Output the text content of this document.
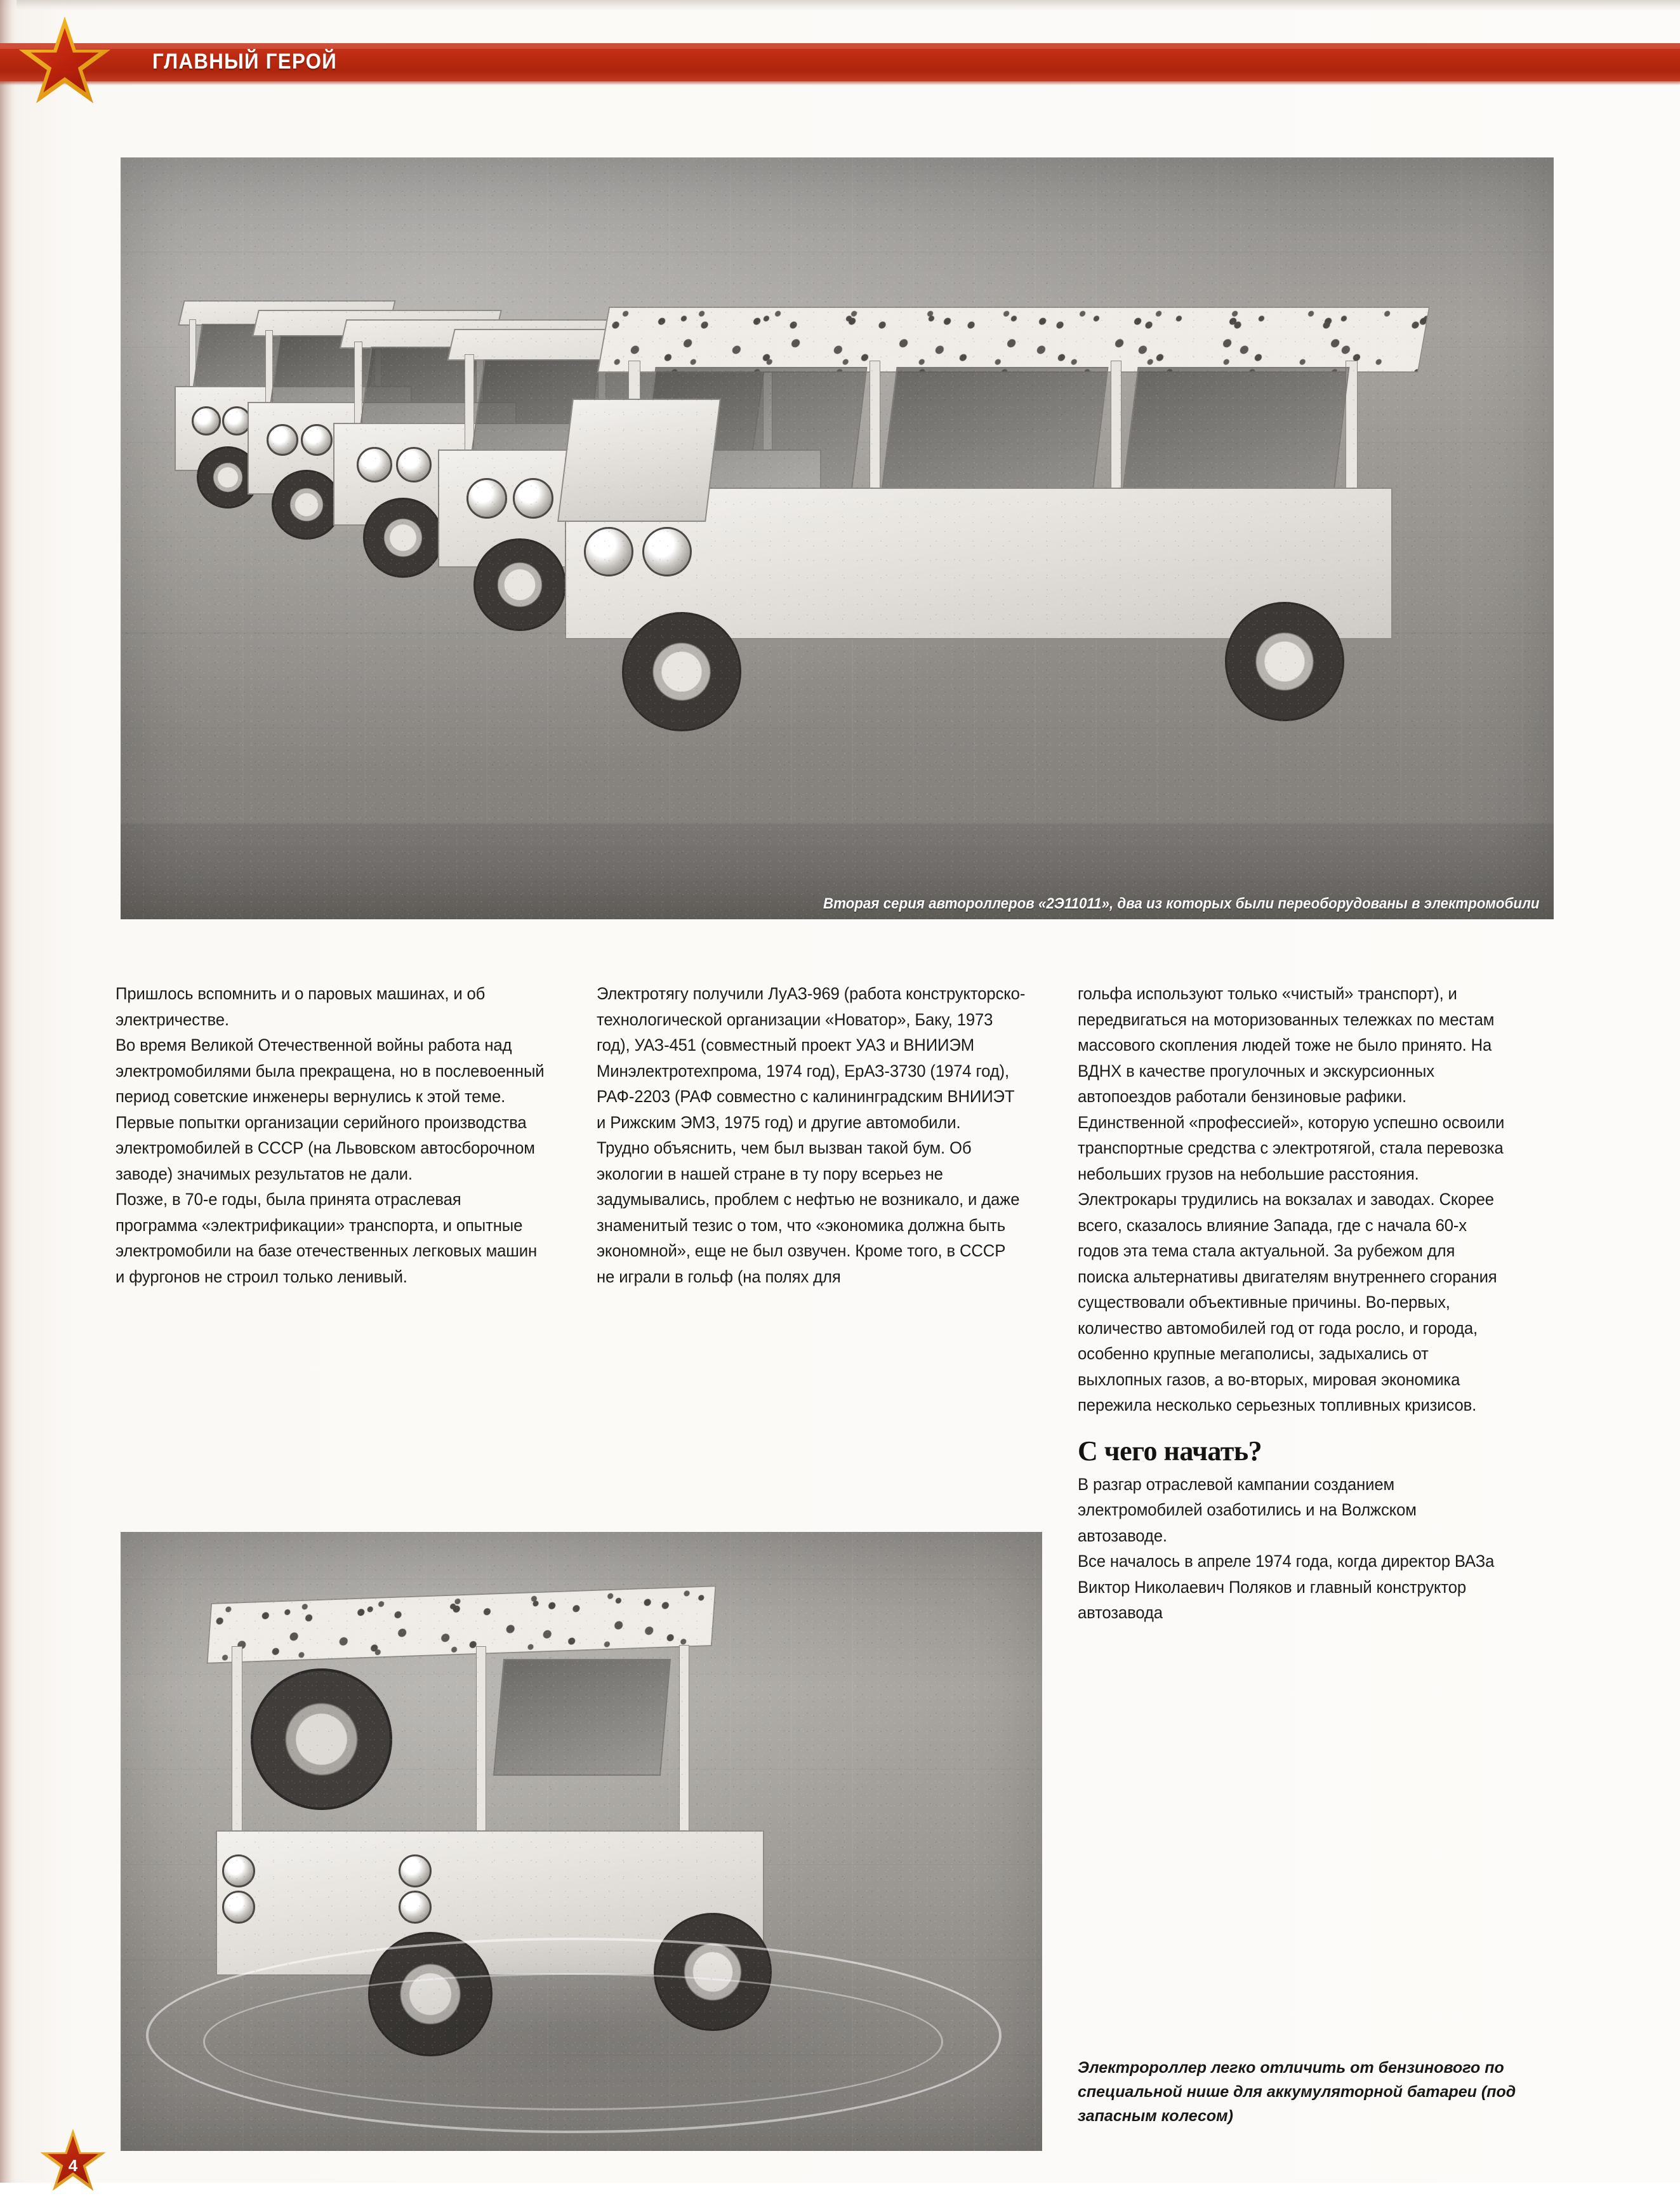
ГЛАВНЫЙ ГЕРОЙ
Вторая серия автороллеров «2Э11011», два из которых были переоборудованы в электромобили

Пришлось вспомнить и о паровых машинах, и об электричестве.

Во время Великой Отечественной войны работа над электромобилями была прекращена, но в послевоенный период советские инженеры вернулись к этой теме. Первые попытки организации серийного производства электромобилей в СССР (на Львовском автосборочном заводе) значимых результатов не дали.

Позже, в 70-е годы, была принята отраслевая программа «электрификации» транспорта, и опытные электромобили на базе отечественных легковых машин и фургонов не строил только ленивый.

Электротягу получили ЛуАЗ-969 (работа конструкторско-технологической организации «Новатор», Баку, 1973 год), УАЗ-451 (совместный проект УАЗ и ВНИИЭМ Минэлектротехпрома, 1974 год), ЕрАЗ-3730 (1974 год), РАФ-2203 (РАФ совместно с калининградским ВНИИЭТ и Рижским ЭМЗ, 1975 год) и другие автомобили.

Трудно объяснить, чем был вызван такой бум. Об экологии в нашей стране в ту пору всерьез не задумывались, проблем с нефтью не возникало, и даже знаменитый тезис о том, что «экономика должна быть экономной», еще не был озвучен. Кроме того, в СССР не играли в гольф (на полях для

гольфа используют только «чистый» транспорт), и передвигаться на моторизованных тележках по местам массового скопления людей тоже не было принято. На ВДНХ в качестве прогулочных и экскурсионных автопоездов работали бензиновые рафики. Единственной «профессией», которую успешно освоили транспортные средства с электротягой, стала перевозка небольших грузов на небольшие расстояния. Электрокары трудились на вокзалах и заводах. Скорее всего, сказалось влияние Запада, где с начала 60-х годов эта тема стала актуальной. За рубежом для поиска альтернативы двигателям внутреннего сгорания существовали объективные причины. Во-первых, количество автомобилей год от года росло, и города, особенно крупные мегаполисы, задыхались от выхлопных газов, а во-вторых, мировая экономика пережила несколько серьезных топливных кризисов.

С чего начать?

В разгар отраслевой кампании созданием электромобилей озаботились и на Волжском автозаводе.

Все началось в апреле 1974 года, когда директор ВАЗа Виктор Николаевич Поляков и главный конструктор автозавода

Электророллер легко отличить от бензинового по специальной нише для аккумуляторной батареи (под запасным колесом)
4
